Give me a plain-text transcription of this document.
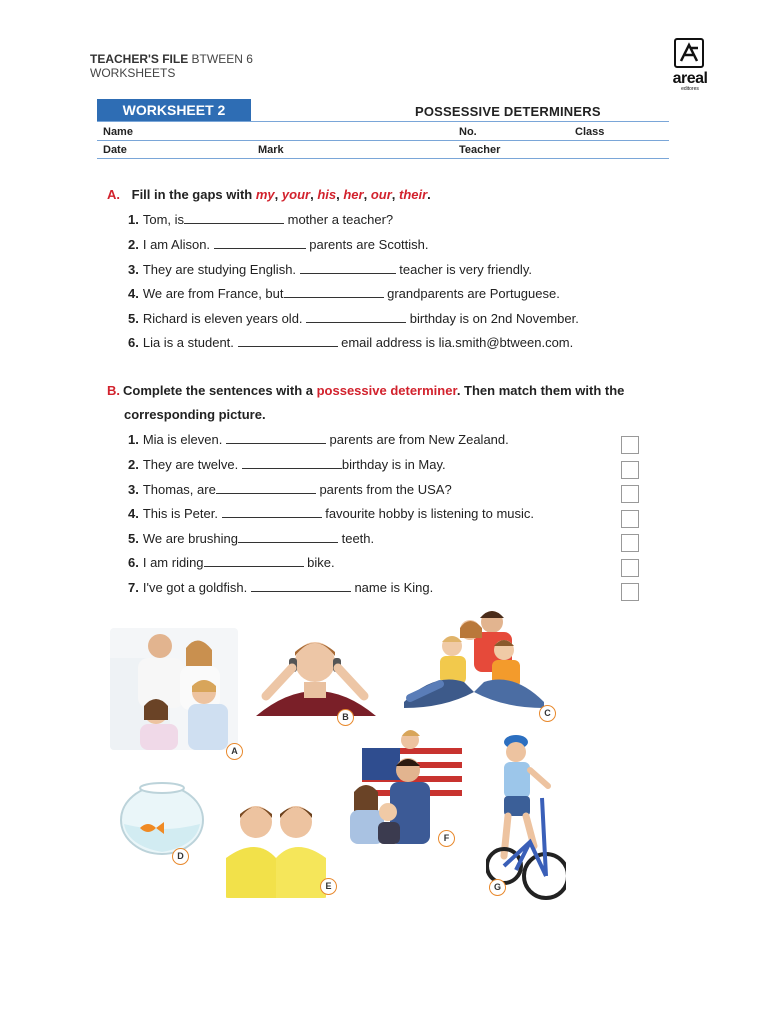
TEACHER'S FILE BTWEEN 6
WORKSHEETS	areal
editores
WORKSHEET 2	POSSESSIVE DETERMINERS
Name	No.	Class
Date	Mark	Teacher
A. Fill in the gaps with my, your, his, her, our, their.
1. Tom, is	mother a teacher?
2. I am Alison.	parents are Scottish.
3. They are studying English.	teacher is very friendly.
4. We are from France, but	grandparents are Portuguese.
5. Richard is eleven years old.	birthday is on 2nd November.
6. Lia is a student.	email address is lia.smith@btween.com.
B. Complete the sentences with a possessive determiner. Then match them with the
corresponding picture.
1. Mia is eleven.	parents are from New Zealand.
2. They are twelve.	birthday is in May.
3. Thomas, are	parents from the USA?
4. This is Peter.	favourite hobby is listening to music.
5. We are brushing	teeth.
6. I am riding	bike.
7. I've got a goldfish.	name is King.
A
B	C
D
E
F
G
